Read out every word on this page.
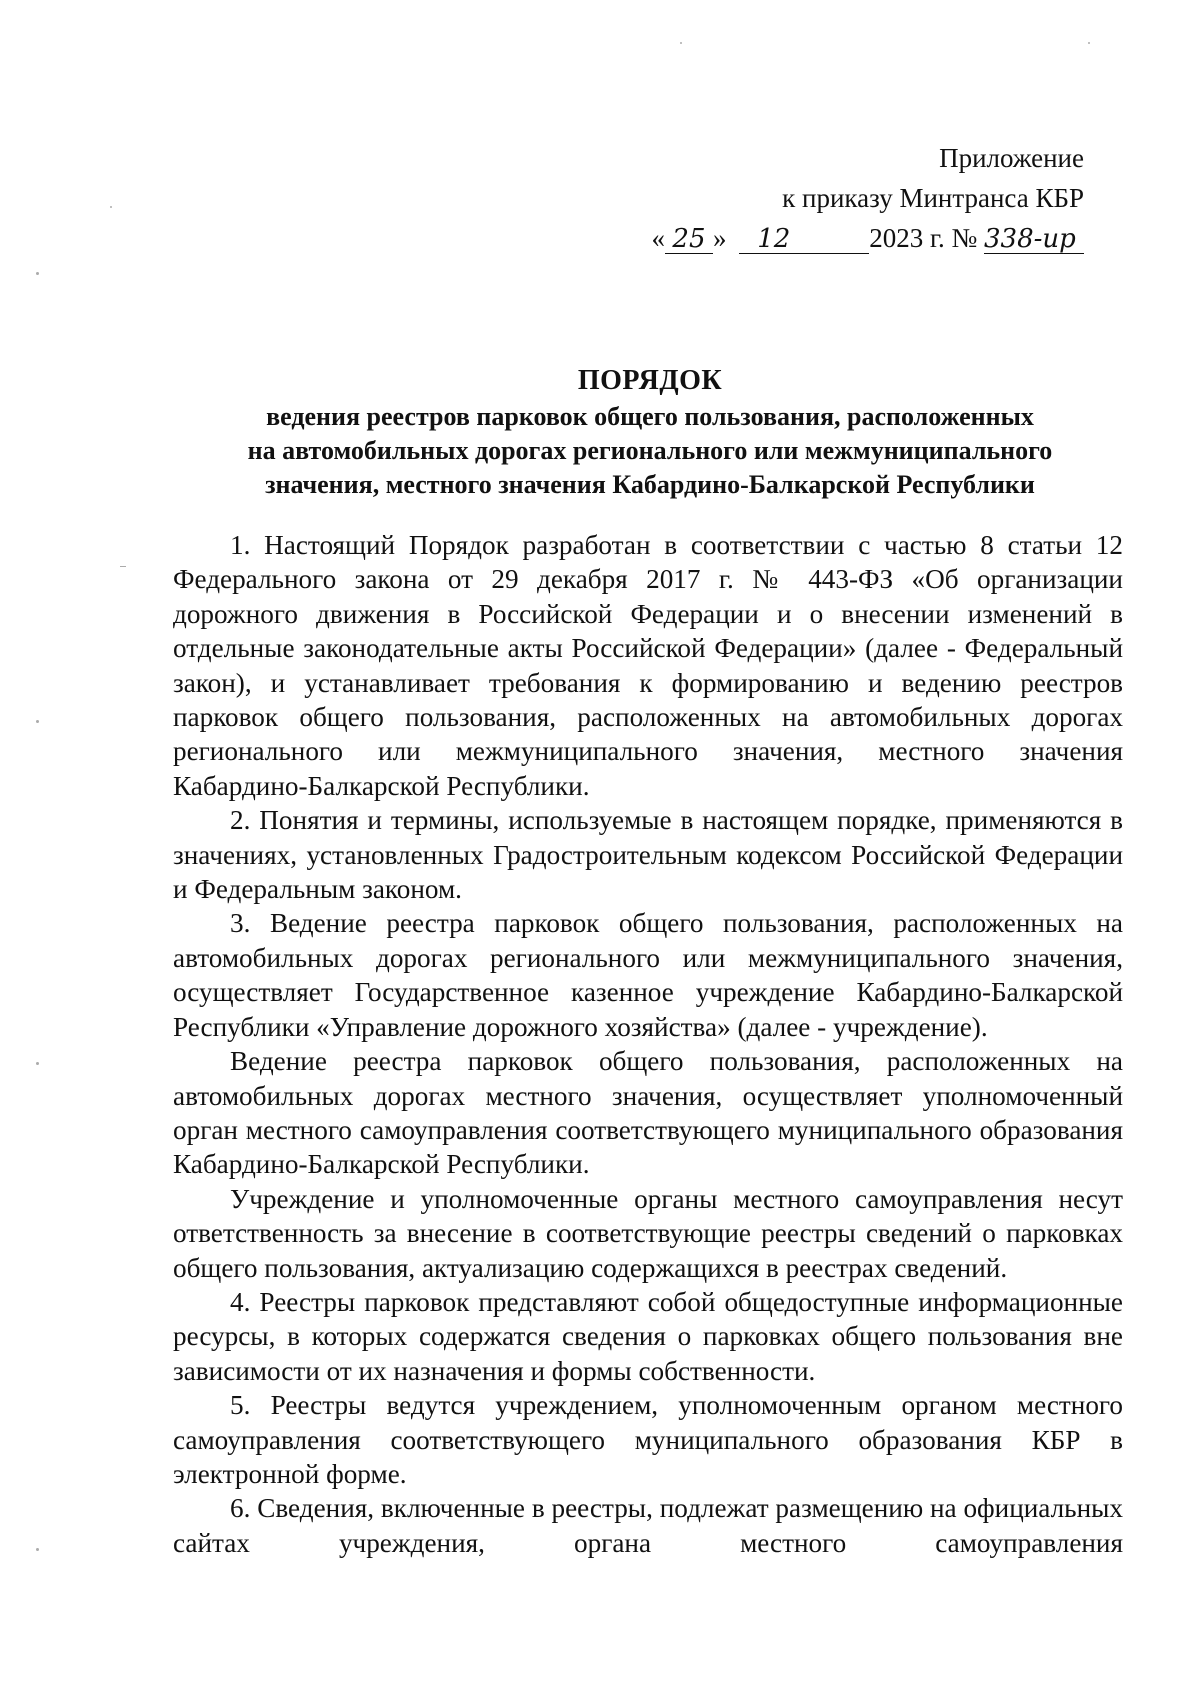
Приложение
к приказу Минтранса КБР
« 25 » 12	2023 г. № 338-ир
ПОРЯДОК
ведения реестров парковок общего пользования, расположенных
на автомобильных дорогах регионального или межмуниципального
значения, местного значения Кабардино-Балкарской Республики

1. Настоящий Порядок разработан в соответствии с частью 8 статьи 12 Федерального закона от 29 декабря 2017 г. № 443-ФЗ «Об организации дорожного движения в Российской Федерации и о внесении изменений в отдельные законодательные акты Российской Федерации» (далее - Федеральный закон), и устанавливает требования к формированию и ведению реестров парковок общего пользования, расположенных на автомобильных дорогах регионального или межмуниципального значения, местного значения Кабардино-Балкарской Республики.

2. Понятия и термины, используемые в настоящем порядке, применяются в значениях, установленных Градостроительным кодексом Российской Федерации и Федеральным законом.

3. Ведение реестра парковок общего пользования, расположенных на автомобильных дорогах регионального или межмуниципального значения, осуществляет Государственное казенное учреждение Кабардино-Балкарской Республики «Управление дорожного хозяйства» (далее - учреждение).

Ведение реестра парковок общего пользования, расположенных на автомобильных дорогах местного значения, осуществляет уполномоченный орган местного самоуправления соответствующего муниципального образования Кабардино-Балкарской Республики.

Учреждение и уполномоченные органы местного самоуправления несут ответственность за внесение в соответствующие реестры сведений о парковках общего пользования, актуализацию содержащихся в реестрах сведений.

4. Реестры парковок представляют собой общедоступные информационные ресурсы, в которых содержатся сведения о парковках общего пользования вне зависимости от их назначения и формы собственности.

5. Реестры ведутся учреждением, уполномоченным органом местного самоуправления соответствующего муниципального образования КБР в электронной форме.

6. Сведения, включенные в реестры, подлежат размещению на официальных сайтах учреждения, органа местного самоуправления
